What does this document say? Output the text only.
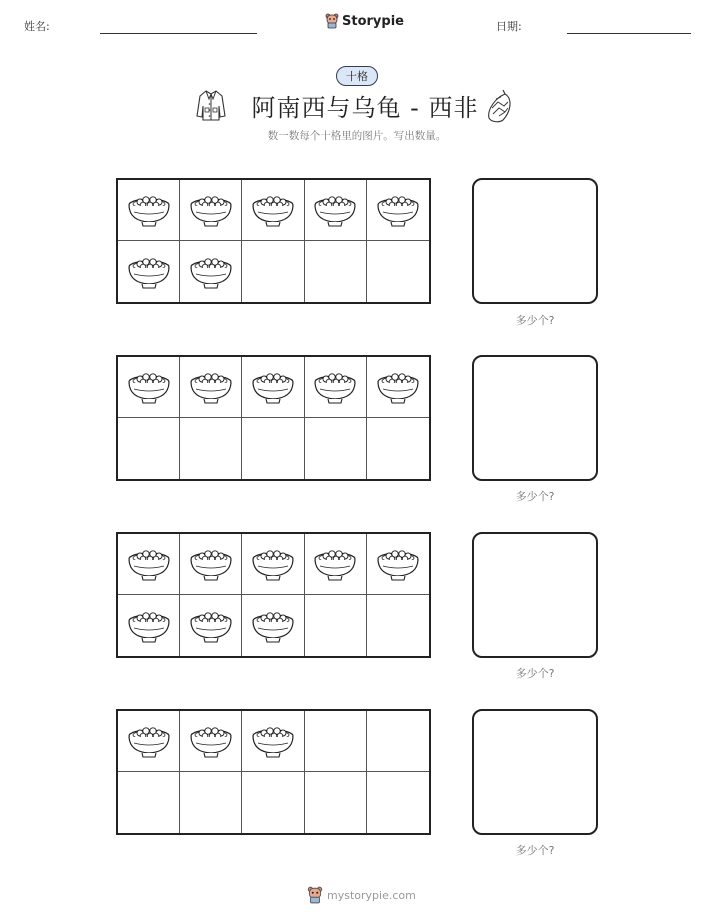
姓名:	Storypie	日期:
十格
阿南西与乌龟 - 西非
数一数每个十格里的图片。写出数量。
多少个?
多少个?
多少个?
多少个?
mystorypie.com
